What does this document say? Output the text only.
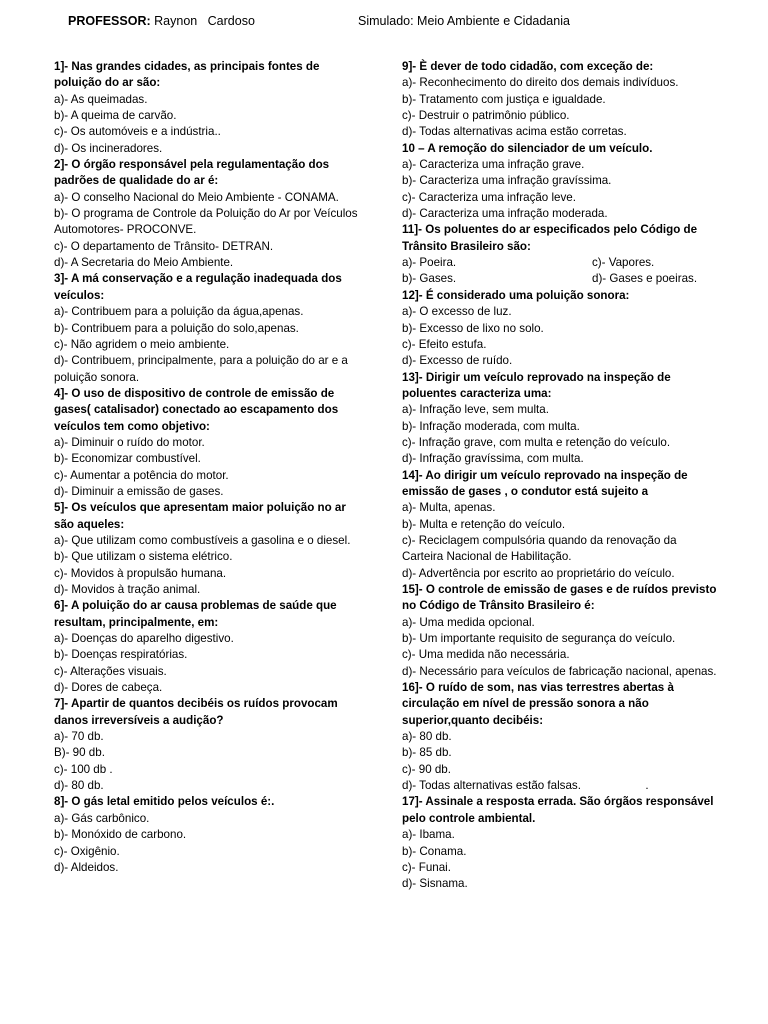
PROFESSOR: Raynon   Cardoso	Simulado: Meio Ambiente e Cidadania

1]- Nas grandes cidades, as principais fontes de poluição do ar são:

a)- As queimadas.

b)- A queima de carvão.

c)- Os automóveis e a indústria..

d)- Os incineradores.

2]- O órgão responsável pela regulamentação dos padrões de qualidade do ar é:

a)- O conselho Nacional do Meio Ambiente - CONAMA.

b)- O programa de Controle da Poluição do Ar por Veículos Automotores- PROCONVE.

c)- O departamento de Trânsito- DETRAN.

d)- A Secretaria do Meio Ambiente.

3]- A má conservação e a regulação inadequada dos veículos:

a)- Contribuem para a poluição da água,apenas.

b)- Contribuem para a poluição do solo,apenas.

c)- Não agridem o meio ambiente.

d)- Contribuem, principalmente, para a poluição do ar e a poluição sonora.

4]- O uso de dispositivo de controle de emissão de gases( catalisador) conectado ao escapamento dos veículos tem como objetivo:

a)- Diminuir o ruído do motor.

b)- Economizar combustível.

c)- Aumentar a potência do motor.

d)- Diminuir a emissão de gases.

5]- Os veículos que apresentam maior poluição no ar são aqueles:

a)- Que utilizam como combustíveis a gasolina e o diesel.

b)- Que utilizam o sistema elétrico.

c)- Movidos à propulsão humana.

d)- Movidos à tração animal.

6]- A poluição do ar causa problemas de saúde que resultam, principalmente, em:

a)- Doenças do aparelho digestivo.

b)- Doenças respiratórias.

c)- Alterações visuais.

d)- Dores de cabeça.

7]- Apartir de quantos decibéis os ruídos provocam danos irreversíveis a audição?

a)- 70 db.

B)- 90 db.

c)- 100 db .

d)- 80 db.

8]- O gás letal emitido pelos veículos é:.

a)- Gás carbônico.

b)- Monóxido de carbono.

c)- Oxigênio.

d)- Aldeidos.

9]- È dever de todo cidadão, com exceção de:

a)- Reconhecimento do direito dos demais indivíduos.

b)- Tratamento com justiça e igualdade.

c)- Destruir o patrimônio público.

d)- Todas alternativas acima estão corretas.

10 – A remoção do silenciador de um veículo.

a)- Caracteriza uma infração grave.

b)- Caracteriza uma infração gravíssima.

c)- Caracteriza uma infração leve.

d)- Caracteriza uma infração moderada.

11]- Os poluentes do ar especificados pelo Código de Trânsito Brasileiro são:

a)- Poeira.	c)- Vapores.

b)- Gases.	d)- Gases e poeiras.

12]- É considerado uma poluição sonora:

a)- O excesso de luz.

b)- Excesso de lixo no solo.

c)- Efeito estufa.

d)- Excesso de ruído.

13]- Dirigir um veículo reprovado na inspeção de poluentes caracteriza uma:

a)- Infração leve, sem multa.

b)- Infração moderada, com multa.

c)- Infração grave, com multa e retenção do veículo.

d)- Infração gravíssima, com multa.

14]- Ao dirigir um veículo reprovado na inspeção de emissão de gases , o condutor está sujeito a

a)- Multa, apenas.

b)- Multa e retenção do veículo.

c)- Reciclagem compulsória quando da renovação da Carteira Nacional de Habilitação.

d)- Advertência por escrito ao proprietário do veículo.

15]- O controle de emissão de gases e de ruídos previsto no Código de Trânsito Brasileiro é:

a)- Uma medida opcional.

b)- Um importante requisito de segurança do veículo.

c)- Uma medida não necessária.

d)- Necessário para veículos de fabricação nacional, apenas.

16]- O ruído de som, nas vias terrestres abertas à circulação em nível de pressão sonora a não superior,quanto decibéis:

a)- 80 db.

b)- 85 db.

c)- 90 db.

d)- Todas alternativas estão falsas.                    .

17]- Assinale a resposta errada. São órgãos responsável pelo controle ambiental.

a)- Ibama.

b)- Conama.

c)- Funai.

d)- Sisnama.
